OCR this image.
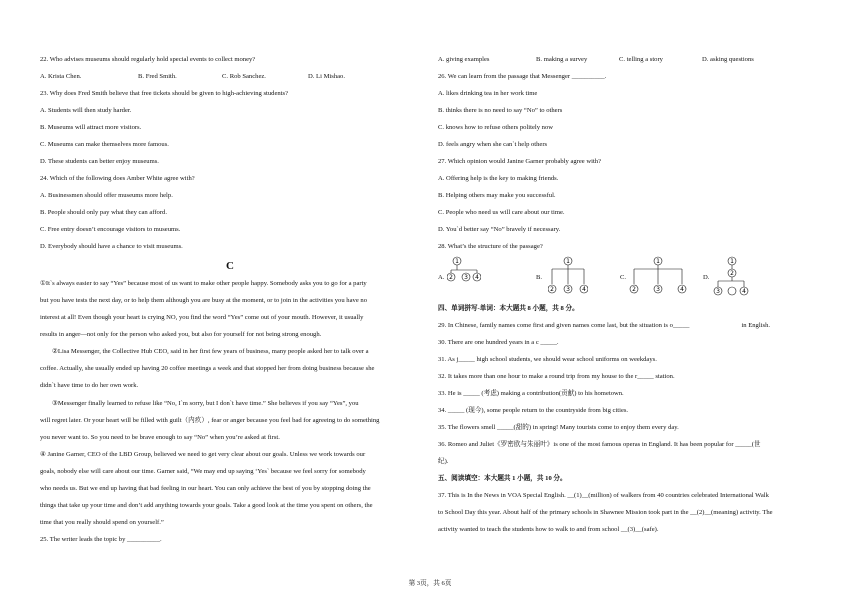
22. Who advises museums should regularly hold special events to collect money?
A. Krista Chen.	B. Fred Smith.	C. Rob Sanchez.	D. Li Mishao.
23. Why does Fred Smith believe that free tickets should be given to high-achieving students?
A. Students will then study harder.
B. Museums will attract more visitors.
C. Museums can make themselves more famous.
D. These students can better enjoy museums.
24. Which of the following does Amber White agree with?
A. Businessmen should offer museums more help.
B. People should only pay what they can afford.
C. Free entry doesn’t encourage visitors to museums.
D. Everybody should have a chance to visit museums.
C
①It`s always easier to say “Yes” because most of us want to make other people happy. Somebody asks you to go for a party
but you have tests the next day, or to help them although you are busy at the moment, or to join in the activities you have no
interest at all! Even though your heart is crying NO, you find the word “Yes” come out of your mouth. However, it usually
results in anger—not only for the person who asked you, but also for yourself for not being strong enough.
②Lisa Messenger, the Collective Hub CEO, said in her first few years of business, many people asked her to talk over a
coffee. Actually, she usually ended up having 20 coffee meetings a week and that stopped her from doing business because she
didn`t have time to do her own work.
③Messenger finally learned to refuse like “No, I`m sorry, but I don`t have time.” She believes if you say “Yes”, you
will regret later. Or your heart will be filled with guilt（内疚）, fear or anger because you feel bad for agreeing to do something
you never want to. So you need to be brave enough to say “No” when you’re asked at first.
④ Janine Garner, CEO of the LBD Group, believed we need to get very clear about our goals. Unless we work towards our
goals, nobody else will care about our time. Garner said, “We may end up saying ‘Yes` because we feel sorry for somebody
who needs us. But we end up having that bad feeling in our heart. You can only achieve the best of you by stopping doing the
things that take up your time and don’t add anything towards your goals. Take a good look at the time you spent on others, the
time that you really should spend on yourself.”
25. The writer leads the topic by __________.
A. giving examples	B. making a survey	C. telling a story	D. asking questions
26. We can learn from the passage that Messenger __________.
A. likes drinking tea in her work time
B. thinks there is no need to say “No” to others
C. knows how to refuse others politely now
D. feels angry when she can`t help others
27. Which opinion would Janine Garner probably agree with?
A. Offering help is the key to making friends.
B. Helping others may make you successful.
C. People who need us will care about our time.
D. You`d better say “No” bravely if necessary.
28. What’s the structure of the passage?
A.
1
2 3 4	B.
1
2 3 4
C.
1
2	3	4
D.
1
2
3	4
四、单词拼写-单词：本大题共 8 小题，共 8 分。
29. In Chinese, family names come first and given names come last, but the situation is o_____	in English.
30. There are one hundred years in a c _____.
31. As j_____ high school students, we should wear school uniforms on weekdays.
32. It takes more than one hour to make a round trip from my house to the r_____ station.
33. He is _____ (考虑) making a contribution(贡献) to his hometown.
34. _____ (现今), some people return to the countryside from big cities.
35. The flowers smell _____(甜的) in spring! Many tourists come to enjoy them every day.
36. Romeo and Juliet《罗密欧与朱丽叶》is one of the most famous operas in England. It has been popular for _____(世
纪).
五、阅读填空：本大题共 1 小题，共 10 分。
37. This is In the News in VOA Special English. __(1)__(million) of walkers from 40 countries celebrated International Walk
to School Day this year. About half of the primary schools in Shawnee Mission took part in the __(2)__(meaning) activity. The
activity wanted to teach the students how to walk to and from school __(3)__(safe).
第 3页，共 6页
